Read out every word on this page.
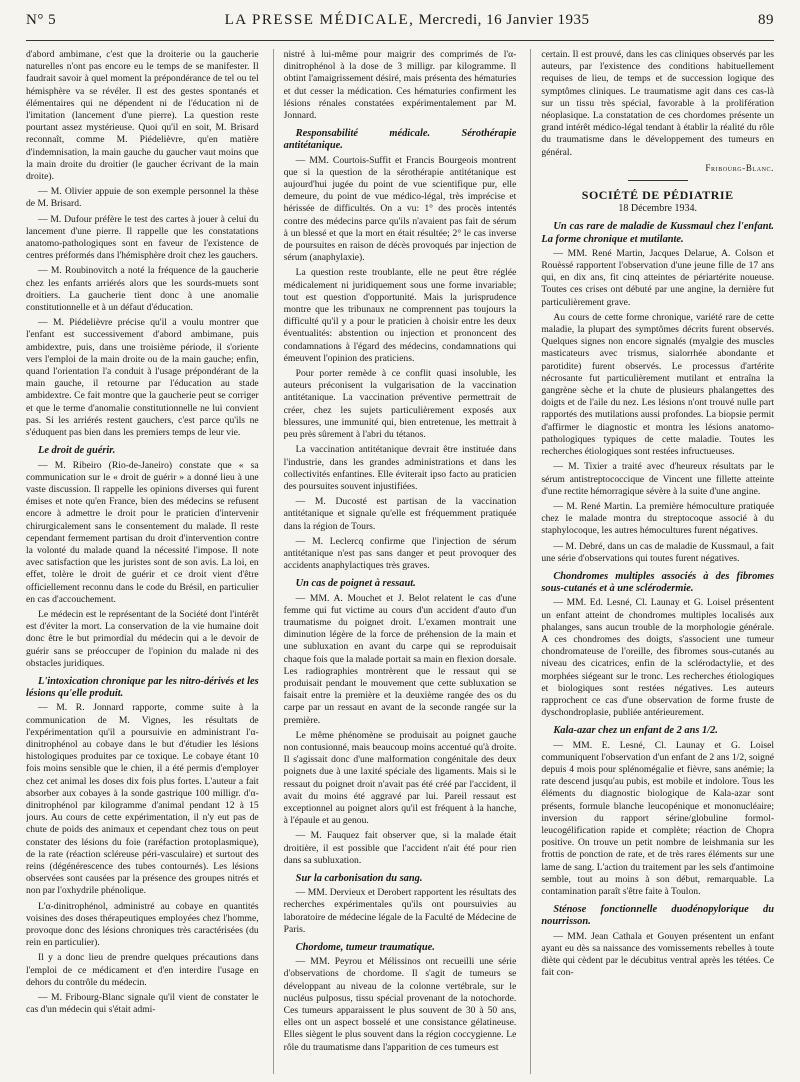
N° 5	LA PRESSE MÉDICALE, Mercredi, 16 Janvier 1935	89

d'abord ambimane, c'est que la droiterie ou la gaucherie naturelles n'ont pas encore eu le temps de se manifester. Il faudrait savoir à quel moment la prépondérance de tel ou tel hémisphère va se révéler. Il est des gestes spontanés et élémentaires qui ne dépendent ni de l'éducation ni de l'imitation (lancement d'une pierre). La question reste pourtant assez mystérieuse. Quoi qu'il en soit, M. Brisard reconnaît, comme M. Piédelièvre, qu'en matière d'indemnisation, la main gauche du gaucher vaut moins que la main droite du droitier (le gaucher écrivant de la main droite).

— M. Olivier appuie de son exemple personnel la thèse de M. Brisard.

— M. Dufour préfère le test des cartes à jouer à celui du lancement d'une pierre. Il rappelle que les constatations anatomo-pathologiques sont en faveur de l'existence de centres préformés dans l'hémisphère droit chez les gauchers.

— M. Roubinovitch a noté la fréquence de la gaucherie chez les enfants arriérés alors que les sourds-muets sont droitiers. La gaucherie tient donc à une anomalie constitutionnelle et à un défaut d'éducation.

— M. Piédelièvre précise qu'il a voulu montrer que l'enfant est successivement d'abord ambimane, puis ambidextre, puis, dans une troisième période, il s'oriente vers l'emploi de la main droite ou de la main gauche; enfin, quand l'orientation l'a conduit à l'usage prépondérant de la main gauche, il retourne par l'éducation au stade ambidextre. Ce fait montre que la gaucherie peut se corriger et que le terme d'anomalie constitutionnelle ne lui convient pas. Si les arriérés restent gauchers, c'est parce qu'ils ne s'éduquent pas bien dans les premiers temps de leur vie.

Le droit de guérir.

— M. Ribeiro (Rio-de-Janeiro) constate que « sa communication sur le « droit de guérir » a donné lieu à une vaste discussion. Il rappelle les opinions diverses qui furent émises et note qu'en France, bien des médecins se refusent encore à admettre le droit pour le praticien d'intervenir chirurgicalement sans le consentement du malade. Il reste cependant fermement partisan du droit d'intervention contre la volonté du malade quand la nécessité l'impose. Il note avec satisfaction que les juristes sont de son avis. La loi, en effet, tolère le droit de guérir et ce droit vient d'être officiellement reconnu dans le code du Brésil, en particulier en cas d'accouchement.

Le médecin est le représentant de la Société dont l'intérêt est d'éviter la mort. La conservation de la vie humaine doit donc être le but primordial du médecin qui a le devoir de guérir sans se préoccuper de l'opinion du malade ni des obstacles juridiques.

L'intoxication chronique par les nitro-dérivés et les lésions qu'elle produit.

— M. R. Jonnard rapporte, comme suite à la communication de M. Vignes, les résultats de l'expérimentation qu'il a poursuivie en administrant l'α-dinitrophénol au cobaye dans le but d'étudier les lésions histologiques produites par ce toxique. Le cobaye étant 10 fois moins sensible que le chien, il a été permis d'employer chez cet animal les doses dix fois plus fortes. L'auteur a fait absorber aux cobayes à la sonde gastrique 100 milligr. d'α-dinitrophénol par kilogramme d'animal pendant 12 à 15 jours. Au cours de cette expérimentation, il n'y eut pas de chute de poids des animaux et cependant chez tous on peut constater des lésions du foie (raréfaction protoplasmique), de la rate (réaction scléreuse péri-vasculaire) et surtout des reins (dégénérescence des tubes contournés). Les lésions observées sont causées par la présence des groupes nitrés et non par l'oxhydrile phénolique.

L'α-dinitrophénol, administré au cobaye en quantités voisines des doses thérapeutiques employées chez l'homme, provoque donc des lésions chroniques très caractérisées (du rein en particulier).

Il y a donc lieu de prendre quelques précautions dans l'emploi de ce médicament et d'en interdire l'usage en dehors du contrôle du médecin.

— M. Fribourg-Blanc signale qu'il vient de constater le cas d'un médecin qui s'était admi-

nistré à lui-même pour maigrir des comprimés de l'α-dinitrophénol à la dose de 3 milligr. par kilogramme. Il obtint l'amaigrissement désiré, mais présenta des hématuries et dut cesser la médication. Ces hématuries confirment les lésions rénales constatées expérimentalement par M. Jonnard.

Responsabilité médicale. Sérothérapie antitétanique.

— MM. Courtois-Suffit et Francis Bourgeois montrent que si la question de la sérothérapie antitétanique est aujourd'hui jugée du point de vue scientifique pur, elle demeure, du point de vue médico-légal, très imprécise et hérissée de difficultés. On a vu: 1° des procès intentés contre des médecins parce qu'ils n'avaient pas fait de sérum à un blessé et que la mort en était résultée; 2° le cas inverse de poursuites en raison de décès provoqués par injection de sérum (anaphylaxie).

La question reste troublante, elle ne peut être réglée médicalement ni juridiquement sous une forme invariable; tout est question d'opportunité. Mais la jurisprudence montre que les tribunaux ne comprennent pas toujours la difficulté qu'il y a pour le praticien à choisir entre les deux éventualités: abstention ou injection et prononcent des condamnations à l'égard des médecins, condamnations qui émeuvent l'opinion des praticiens.

Pour porter remède à ce conflit quasi insoluble, les auteurs préconisent la vulgarisation de la vaccination antitétanique. La vaccination préventive permettrait de créer, chez les sujets particulièrement exposés aux blessures, une immunité qui, bien entretenue, les mettrait à peu près sûrement à l'abri du tétanos.

La vaccination antitétanique devrait être instituée dans l'industrie, dans les grandes administrations et dans les collectivités enfantines. Elle éviterait ipso facto au praticien des poursuites souvent injustifiées.

— M. Ducosté est partisan de la vaccination antitétanique et signale qu'elle est fréquemment pratiquée dans la région de Tours.

— M. Leclercq confirme que l'injection de sérum antitétanique n'est pas sans danger et peut provoquer des accidents anaphylactiques très graves.

Un cas de poignet à ressaut.

— MM. A. Mouchet et J. Belot relatent le cas d'une femme qui fut victime au cours d'un accident d'auto d'un traumatisme du poignet droit. L'examen montrait une diminution légère de la force de préhension de la main et une subluxation en avant du carpe qui se reproduisait chaque fois que la malade portait sa main en flexion dorsale. Les radiographies montrèrent que le ressaut qui se produisait pendant le mouvement que cette subluxation se faisait entre la première et la deuxième rangée des os du carpe par un ressaut en avant de la seconde rangée sur la première.

Le même phénomène se produisait au poignet gauche non contusionné, mais beaucoup moins accentué qu'à droite. Il s'agissait donc d'une malformation congénitale des deux poignets due à une laxité spéciale des ligaments. Mais si le ressaut du poignet droit n'avait pas été créé par l'accident, il avait du moins été aggravé par lui. Pareil ressaut est exceptionnel au poignet alors qu'il est fréquent à la hanche, à l'épaule et au genou.

— M. Fauquez fait observer que, si la malade était droitière, il est possible que l'accident n'ait été pour rien dans sa subluxation.

Sur la carbonisation du sang.

— MM. Dervieux et Derobert rapportent les résultats des recherches expérimentales qu'ils ont poursuivies au laboratoire de médecine légale de la Faculté de Médecine de Paris.

Chordome, tumeur traumatique.

— MM. Peyrou et Mélissinos ont recueilli une série d'observations de chordome. Il s'agit de tumeurs se développant au niveau de la colonne vertébrale, sur le nucléus pulposus, tissu spécial provenant de la notochorde. Ces tumeurs apparaissent le plus souvent de 30 à 50 ans, elles ont un aspect bosselé et une consistance gélatineuse. Elles siègent le plus souvent dans la région coccygienne. Le rôle du traumatisme dans l'apparition de ces tumeurs est

certain. Il est prouvé, dans les cas cliniques observés par les auteurs, par l'existence des conditions habituellement requises de lieu, de temps et de succession logique des symptômes cliniques. Le traumatisme agit dans ces cas-là sur un tissu très spécial, favorable à la prolifération néoplasique. La constatation de ces chordomes présente un grand intérêt médico-légal tendant à établir la réalité du rôle du traumatisme dans le développement des tumeurs en général.

Fribourg-Blanc.
SOCIÉTÉ DE PÉDIATRIE
18 Décembre 1934.
Un cas rare de maladie de Kussmaul chez l'enfant. La forme chronique et mutilante.

— MM. René Martin, Jacques Delarue, A. Colson et Rouèssé rapportent l'observation d'une jeune fille de 17 ans qui, en dix ans, fit cinq atteintes de périartérite noueuse. Toutes ces crises ont débuté par une angine, la dernière fut particulièrement grave.

Au cours de cette forme chronique, variété rare de cette maladie, la plupart des symptômes décrits furent observés. Quelques signes non encore signalés (myalgie des muscles masticateurs avec trismus, sialorrhée abondante et parotidite) furent observés. Le processus d'artérite nécrosante fut particulièrement mutilant et entraîna la gangrène sèche et la chute de plusieurs phalangettes des doigts et de l'aile du nez. Les lésions n'ont trouvé nulle part rapportés des mutilations aussi profondes. La biopsie permit d'affirmer le diagnostic et montra les lésions anatomo-pathologiques typiques de cette maladie. Toutes les recherches étiologiques sont restées infructueuses.

— M. Tixier a traité avec d'heureux résultats par le sérum antistreptococcique de Vincent une fillette atteinte d'une rectite hémorragique sévère à la suite d'une angine.

— M. René Martin. La première hémoculture pratiquée chez le malade montra du streptocoque associé à du staphylocoque, les autres hémocultures furent négatives.

— M. Debré, dans un cas de maladie de Kussmaul, a fait une série d'observations qui toutes furent négatives.

Chondromes multiples associés à des fibromes sous-cutanés et à une sclérodermie.

— MM. Ed. Lesné, Cl. Launay et G. Loisel présentent un enfant atteint de chondromes multiples localisés aux phalanges, sans aucun trouble de la morphologie générale. A ces chondromes des doigts, s'associent une tumeur chondromateuse de l'oreille, des fibromes sous-cutanés au niveau des cicatrices, enfin de la sclérodactylie, et des morphées siégeant sur le tronc. Les recherches étiologiques et biologiques sont restées négatives. Les auteurs rapprochent ce cas d'une observation de forme fruste de dyschondroplasie, publiée antérieurement.

Kala-azar chez un enfant de 2 ans 1/2.

— MM. E. Lesné, Cl. Launay et G. Loisel communiquent l'observation d'un enfant de 2 ans 1/2, soigné depuis 4 mois pour splénomégalie et fièvre, sans anémie; la rate descend jusqu'au pubis, est mobile et indolore. Tous les éléments du diagnostic biologique de Kala-azar sont présents, formule blanche leucopénique et mononucléaire; inversion du rapport sérine/globuline formol-leucogélification rapide et complète; réaction de Chopra positive. On trouve un petit nombre de leishmania sur les frottis de ponction de rate, et de très rares éléments sur une lame de sang. L'action du traitement par les sels d'antimoine semble, tout au moins à son début, remarquable. La contamination paraît s'être faite à Toulon.

Sténose fonctionnelle duodénopylorique du nourrisson.

— MM. Jean Cathala et Gouyen présentent un enfant ayant eu dès sa naissance des vomissements rebelles à toute diète qui cèdent par le décubitus ventral après les tétées. Ce fait con-
